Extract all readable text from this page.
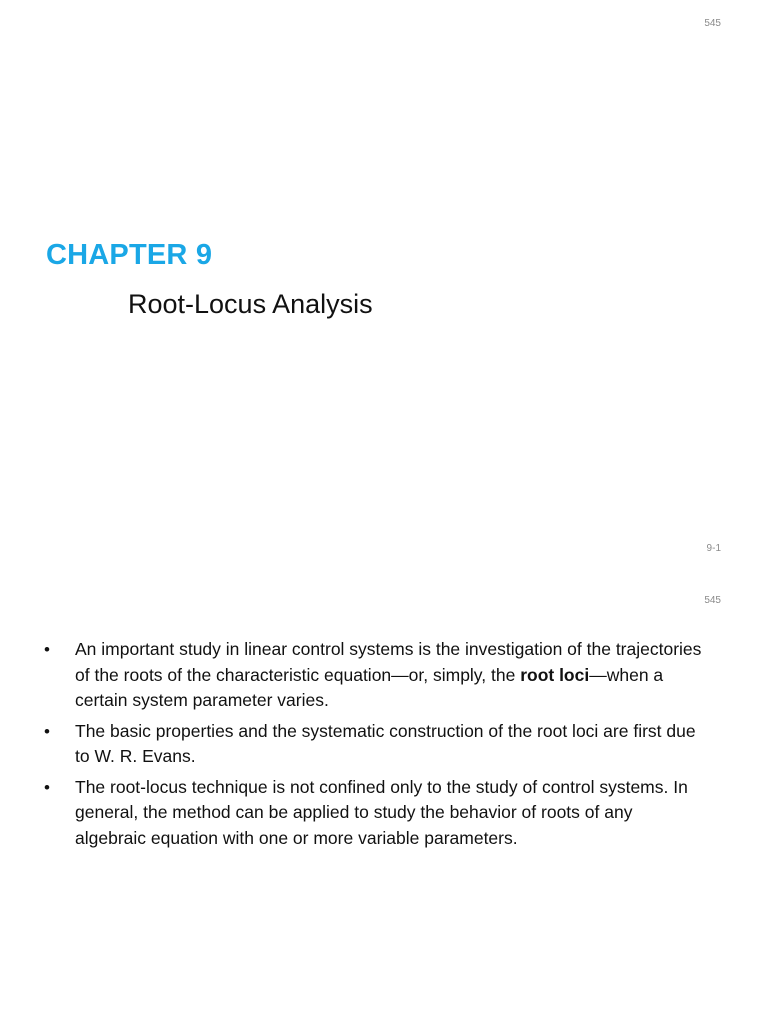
545
CHAPTER 9
Root-Locus Analysis
9-1
545
• An important study in linear control systems is the investigation of the trajectories of the roots of the characteristic equation—or, simply, the root loci—when a certain system parameter varies.
• The basic properties and the systematic construction of the root loci are first due to W. R. Evans.
• The root-locus technique is not confined only to the study of control systems. In general, the method can be applied to study the behavior of roots of any algebraic equation with one or more variable parameters.
